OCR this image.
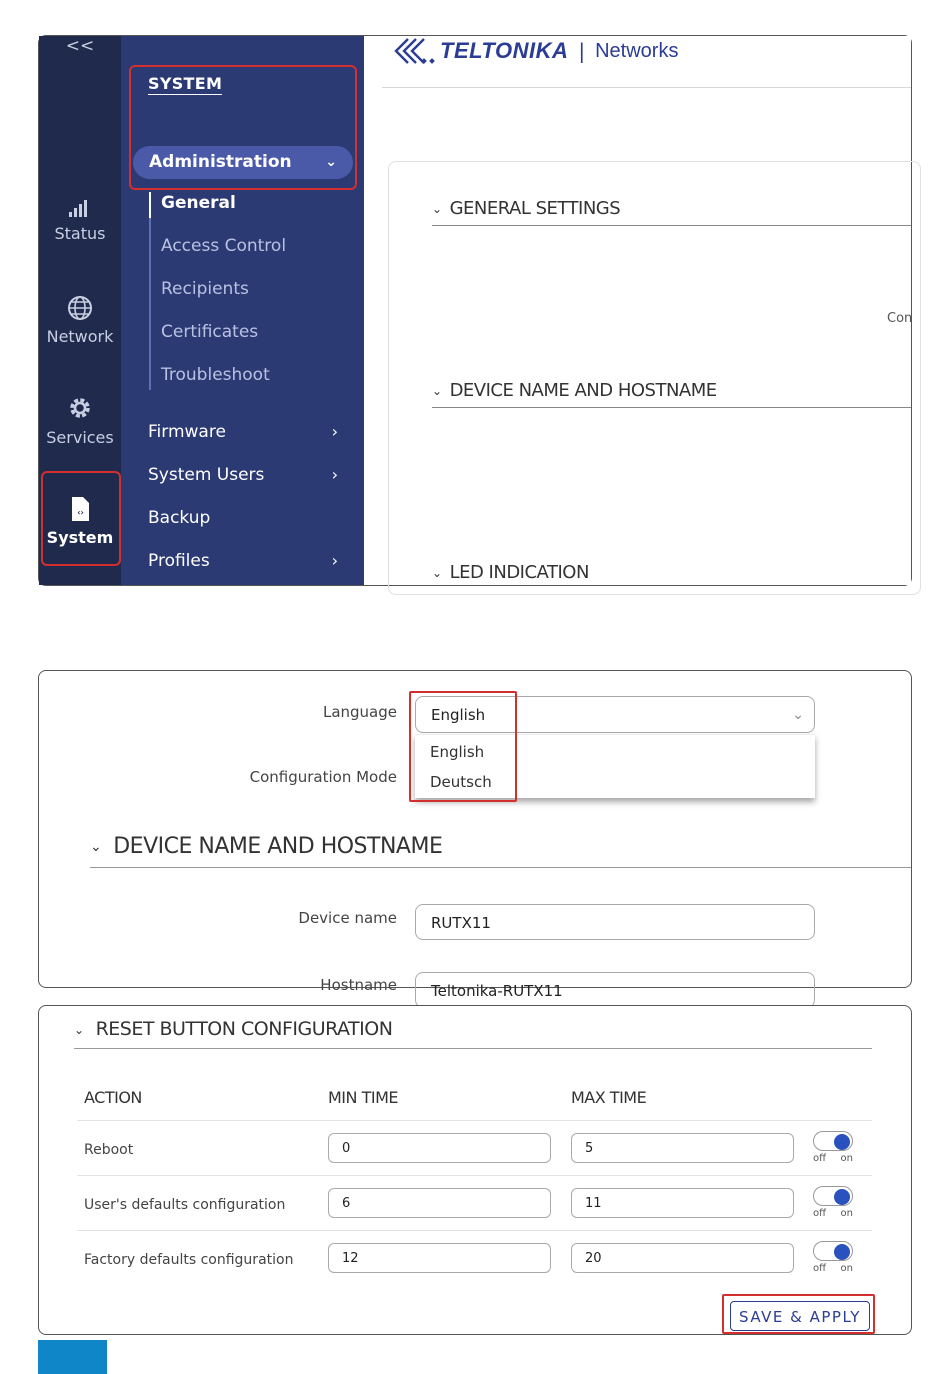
<<
Status
Network
Services
‹›
System
SYSTEM
Administration ⌄
General
Access Control
Recipients
Certificates
Troubleshoot
Firmware	›
System Users	›
Backup
Profiles	›
TELTONIKA | Networks
⌄ GENERAL SETTINGS
Con
⌄ DEVICE NAME AND HOSTNAME
⌄ LED INDICATION
Language	English	⌄
English
Deutsch
Configuration Mode
⌄ DEVICE NAME AND HOSTNAME
Device name	RUTX11
Hostname	Teltonika-RUTX11
⌄ RESET BUTTON CONFIGURATION
ACTION	MIN TIME	MAX TIME
Reboot	0	5
off on
User's defaults configuration	6	11
off on
Factory defaults configuration	12	20
off on
SAVE & APPLY
